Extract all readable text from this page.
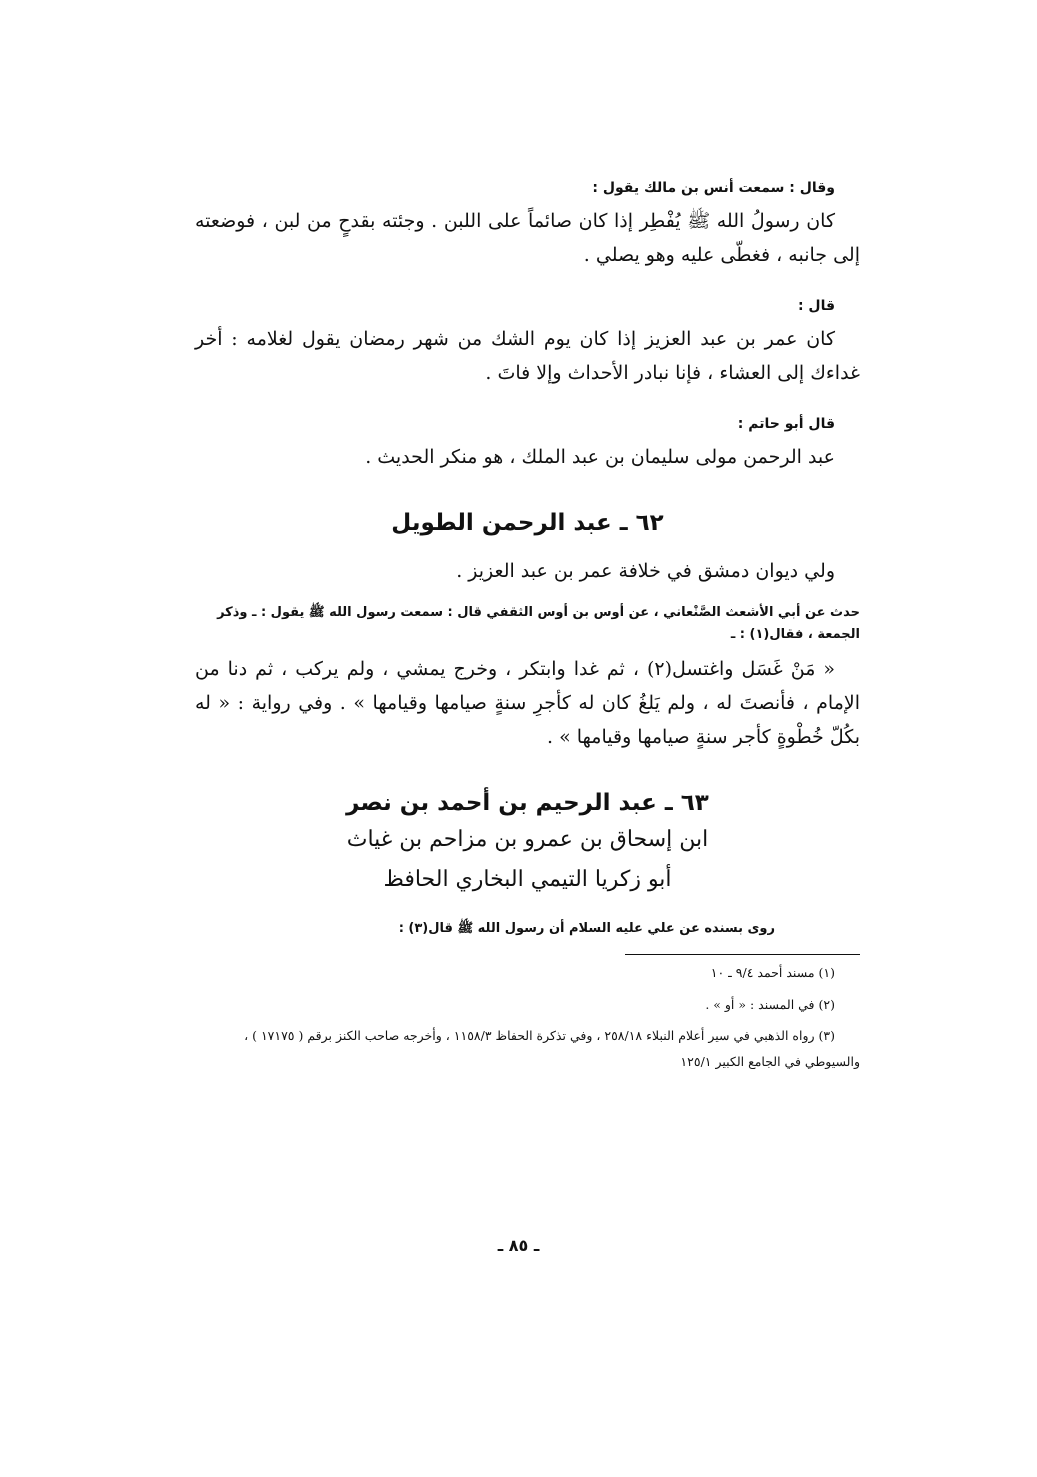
وقال : سمعت أنس بن مالك يقول :

كان رسولُ الله ﷺ يُفْطِر إذا كان صائماً على اللبن . وجئته بقدحٍ من لبن ، فوضعته إلى جانبه ، فغطّى عليه وهو يصلي .

قال :

كان عمر بن عبد العزيز إذا كان يوم الشك من شهر رمضان يقول لغلامه : أخر غداءك إلى العشاء ، فإنا نبادر الأحداث وإلا فاتَ .

قال أبو حاتم :

عبد الرحمن مولى سليمان بن عبد الملك ، هو منكر الحديث .

٦٢ ـ عبد الرحمن الطويل

ولي ديوان دمشق في خلافة عمر بن عبد العزيز .

حدث عن أبي الأشعث الصَّنْعاني ، عن أوس بن أوس الثقفي قال : سمعت رسول الله ﷺ يقول : ـ وذكر الجمعة ، فقال(١) : ـ

« مَنْ غَسَل واغتسل(٢) ، ثم غدا وابتكر ، وخرج يمشي ، ولم يركب ، ثم دنا من الإمام ، فأنصتَ له ، ولم يَلغُ كان له كأجرِ سنةٍ صيامها وقيامها » . وفي رواية : « له بكُلّ خُطْوةٍ كأجر سنةٍ صيامها وقيامها » .

٦٣ ـ عبد الرحيم بن أحمد بن نصر

ابن إسحاق بن عمرو بن مزاحم بن غياث

أبو زكريا التيمي البخاري الحافظ

روى بسنده عن علي عليه السلام أن رسول الله ﷺ قال(٣) :

(١) مسند أحمد ٩/٤ ـ ١٠

(٢) في المسند : « أو » .

(٣) رواه الذهبي في سير أعلام النبلاء ٢٥٨/١٨ ، وفي تذكرة الحفاظ ١١٥٨/٣ ، وأخرجه صاحب الكنز برقم ( ١٧١٧٥ ) ، والسيوطي في الجامع الكبير ١٢٥/١

ـ ٨٥ ـ
